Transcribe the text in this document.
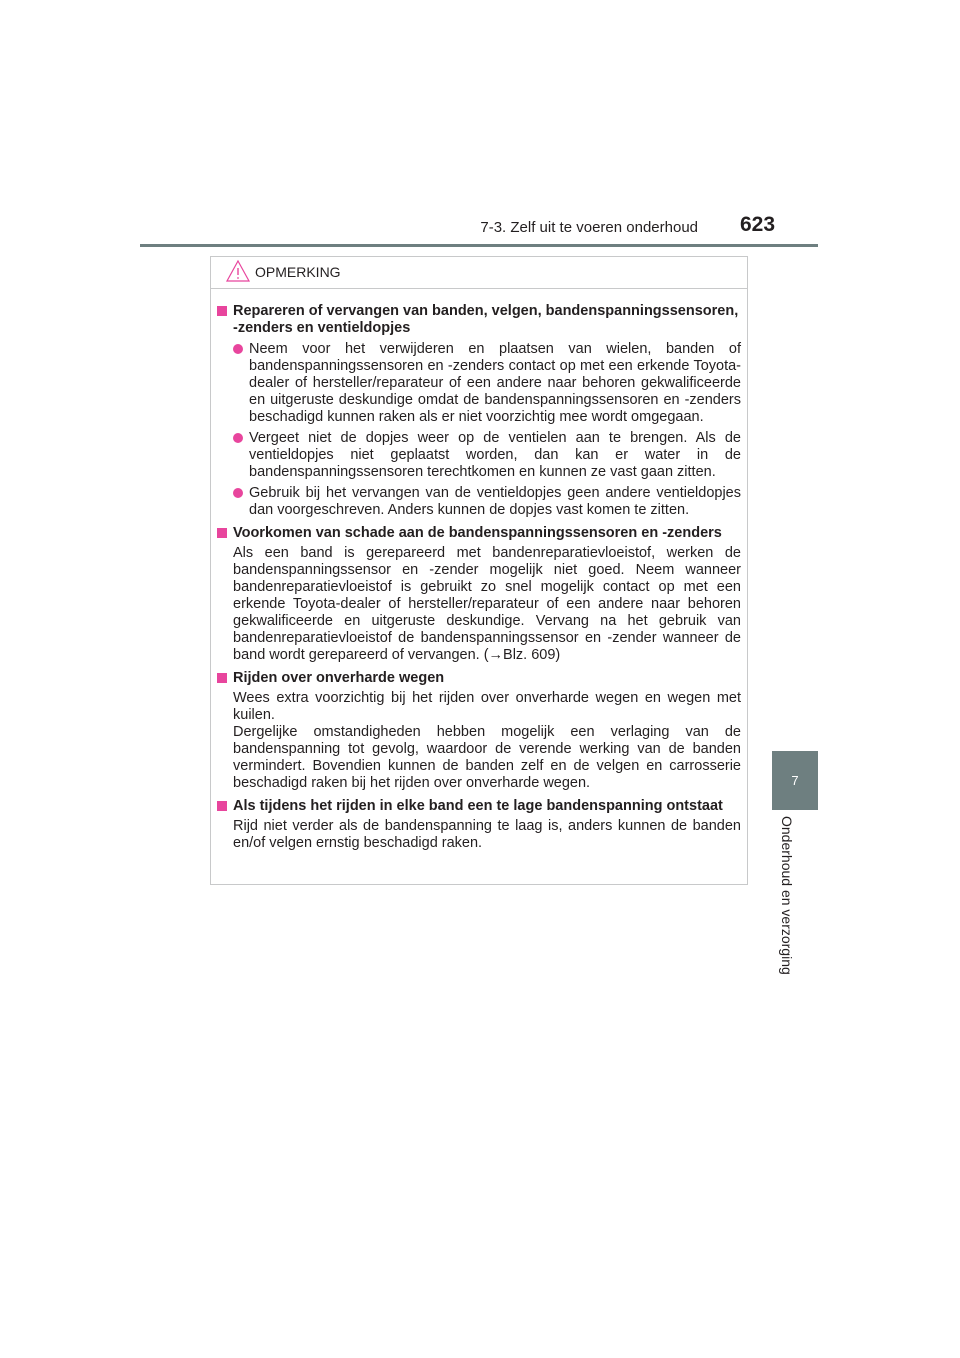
7-3. Zelf uit te voeren onderhoud 623
7
Onderhoud en verzorging
OPMERKING
Repareren of vervangen van banden, velgen, bandenspanningssensoren, -zenders en ventieldopjes
Neem voor het verwijderen en plaatsen van wielen, banden of bandenspanningssensoren en -zenders contact op met een erkende Toyota-dealer of hersteller/reparateur of een andere naar behoren gekwalificeerde en uitgeruste deskundige omdat de bandenspanningssensoren en -zenders beschadigd kunnen raken als er niet voorzichtig mee wordt omgegaan.
Vergeet niet de dopjes weer op de ventielen aan te brengen. Als de ventieldopjes niet geplaatst worden, dan kan er water in de bandenspanningssensoren terechtkomen en kunnen ze vast gaan zitten.
Gebruik bij het vervangen van de ventieldopjes geen andere ventieldopjes dan voorgeschreven. Anders kunnen de dopjes vast komen te zitten.
Voorkomen van schade aan de bandenspanningssensoren en -zenders
Als een band is gerepareerd met bandenreparatievloeistof, werken de bandenspanningssensor en -zender mogelijk niet goed. Neem wanneer bandenreparatievloeistof is gebruikt zo snel mogelijk contact op met een erkende Toyota-dealer of hersteller/reparateur of een andere naar behoren gekwalificeerde en uitgeruste deskundige. Vervang na het gebruik van bandenreparatievloeistof de bandenspanningssensor en -zender wanneer de band wordt gerepareerd of vervangen. (→Blz. 609)
Rijden over onverharde wegen
Wees extra voorzichtig bij het rijden over onverharde wegen en wegen met kuilen.
Dergelijke omstandigheden hebben mogelijk een verlaging van de bandenspanning tot gevolg, waardoor de verende werking van de banden vermindert. Bovendien kunnen de banden zelf en de velgen en carrosserie beschadigd raken bij het rijden over onverharde wegen.
Als tijdens het rijden in elke band een te lage bandenspanning ontstaat
Rijd niet verder als de bandenspanning te laag is, anders kunnen de banden en/of velgen ernstig beschadigd raken.
